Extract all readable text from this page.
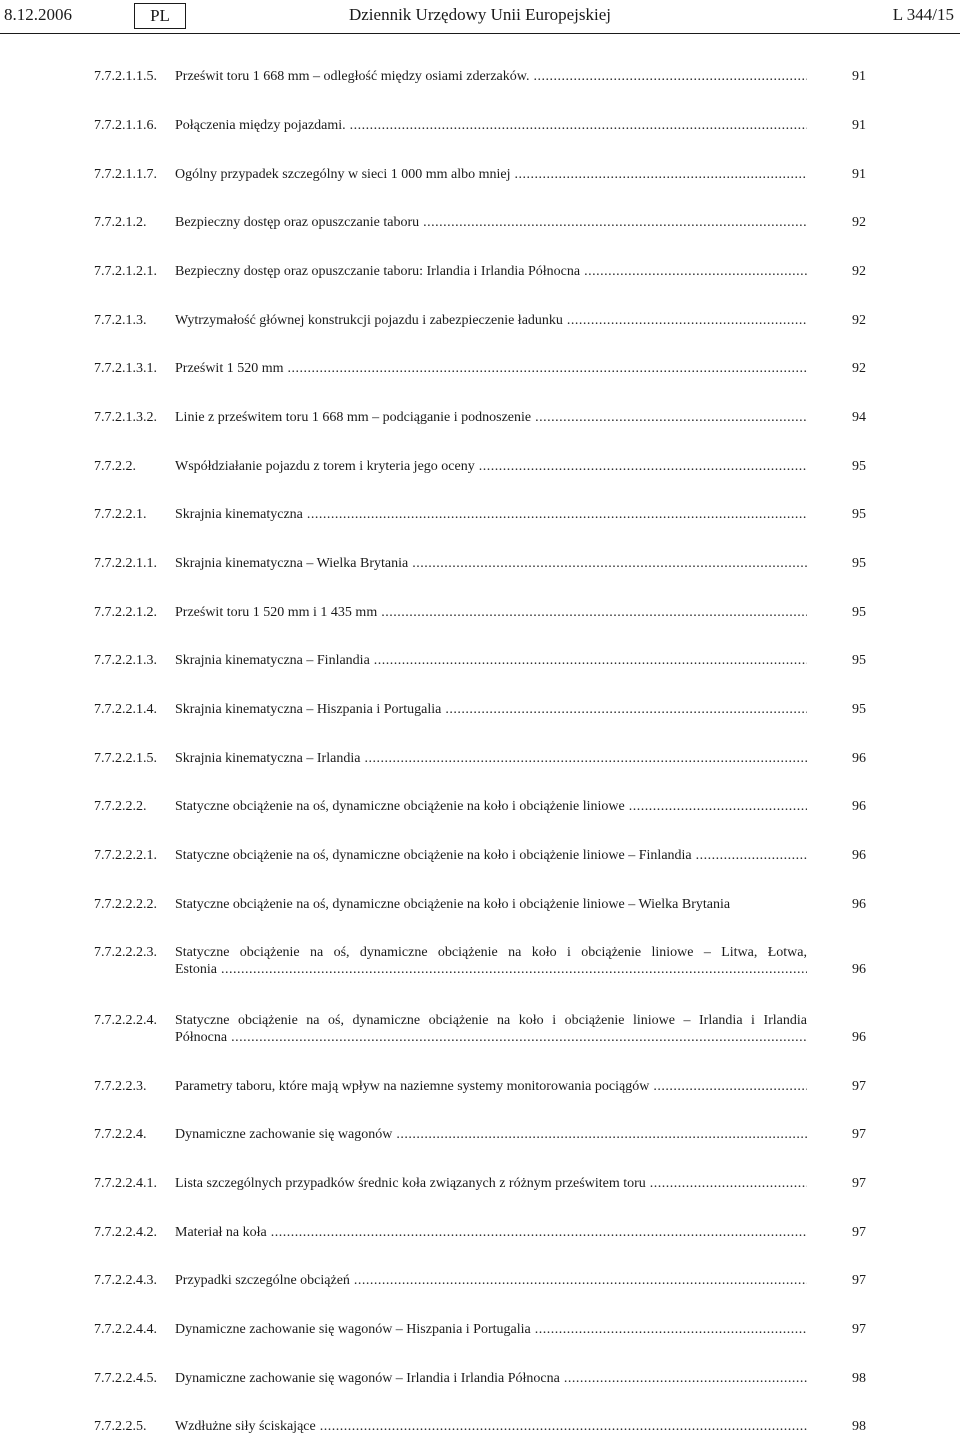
8.12.2006	PL	Dziennik Urzędowy Unii Europejskiej	L 344/15
7.7.2.1.1.5.	Prześwit toru 1 668 mm – odległość między osiami zderzaków. .....	91
7.7.2.1.1.6.	Połączenia między pojazdami. .....	91
7.7.2.1.1.7.	Ogólny przypadek szczególny w sieci 1 000 mm albo mniej .....	91
7.7.2.1.2.	Bezpieczny dostęp oraz opuszczanie taboru .....	92
7.7.2.1.2.1.	Bezpieczny dostęp oraz opuszczanie taboru: Irlandia i Irlandia Północna .....	92
7.7.2.1.3.	Wytrzymałość głównej konstrukcji pojazdu i zabezpieczenie ładunku .....	92
7.7.2.1.3.1.	Prześwit 1 520 mm .....	92
7.7.2.1.3.2.	Linie z prześwitem toru 1 668 mm – podciąganie i podnoszenie .....	94
7.7.2.2.	Współdziałanie pojazdu z torem i kryteria jego oceny .....	95
7.7.2.2.1.	Skrajnia kinematyczna .....	95
7.7.2.2.1.1.	Skrajnia kinematyczna – Wielka Brytania .....	95
7.7.2.2.1.2.	Prześwit toru 1 520 mm i 1 435 mm .....	95
7.7.2.2.1.3.	Skrajnia kinematyczna – Finlandia .....	95
7.7.2.2.1.4.	Skrajnia kinematyczna – Hiszpania i Portugalia .....	95
7.7.2.2.1.5.	Skrajnia kinematyczna – Irlandia .....	96
7.7.2.2.2.	Statyczne obciążenie na oś, dynamiczne obciążenie na koło i obciążenie liniowe .....	96
7.7.2.2.2.1.	Statyczne obciążenie na oś, dynamiczne obciążenie na koło i obciążenie liniowe – Finlandia .....	96
7.7.2.2.2.2.	Statyczne obciążenie na oś, dynamiczne obciążenie na koło i obciążenie liniowe – Wielka Brytania	96
7.7.2.2.2.3.	Statyczne obciążenie na oś, dynamiczne obciążenie na koło i obciążenie liniowe – Litwa, Łotwa,
Estonia .....	96
7.7.2.2.2.4.	Statyczne obciążenie na oś, dynamiczne obciążenie na koło i obciążenie liniowe – Irlandia i Irlandia
Północna .....	96
7.7.2.2.3.	Parametry taboru, które mają wpływ na naziemne systemy monitorowania pociągów .....	97
7.7.2.2.4.	Dynamiczne zachowanie się wagonów .....	97
7.7.2.2.4.1.	Lista szczególnych przypadków średnic koła związanych z różnym prześwitem toru .....	97
7.7.2.2.4.2.	Materiał na koła .....	97
7.7.2.2.4.3.	Przypadki szczególne obciążeń .....	97
7.7.2.2.4.4.	Dynamiczne zachowanie się wagonów – Hiszpania i Portugalia .....	97
7.7.2.2.4.5.	Dynamiczne zachowanie się wagonów – Irlandia i Irlandia Północna .....	98
7.7.2.2.5.	Wzdłużne siły ściskające .....	98
